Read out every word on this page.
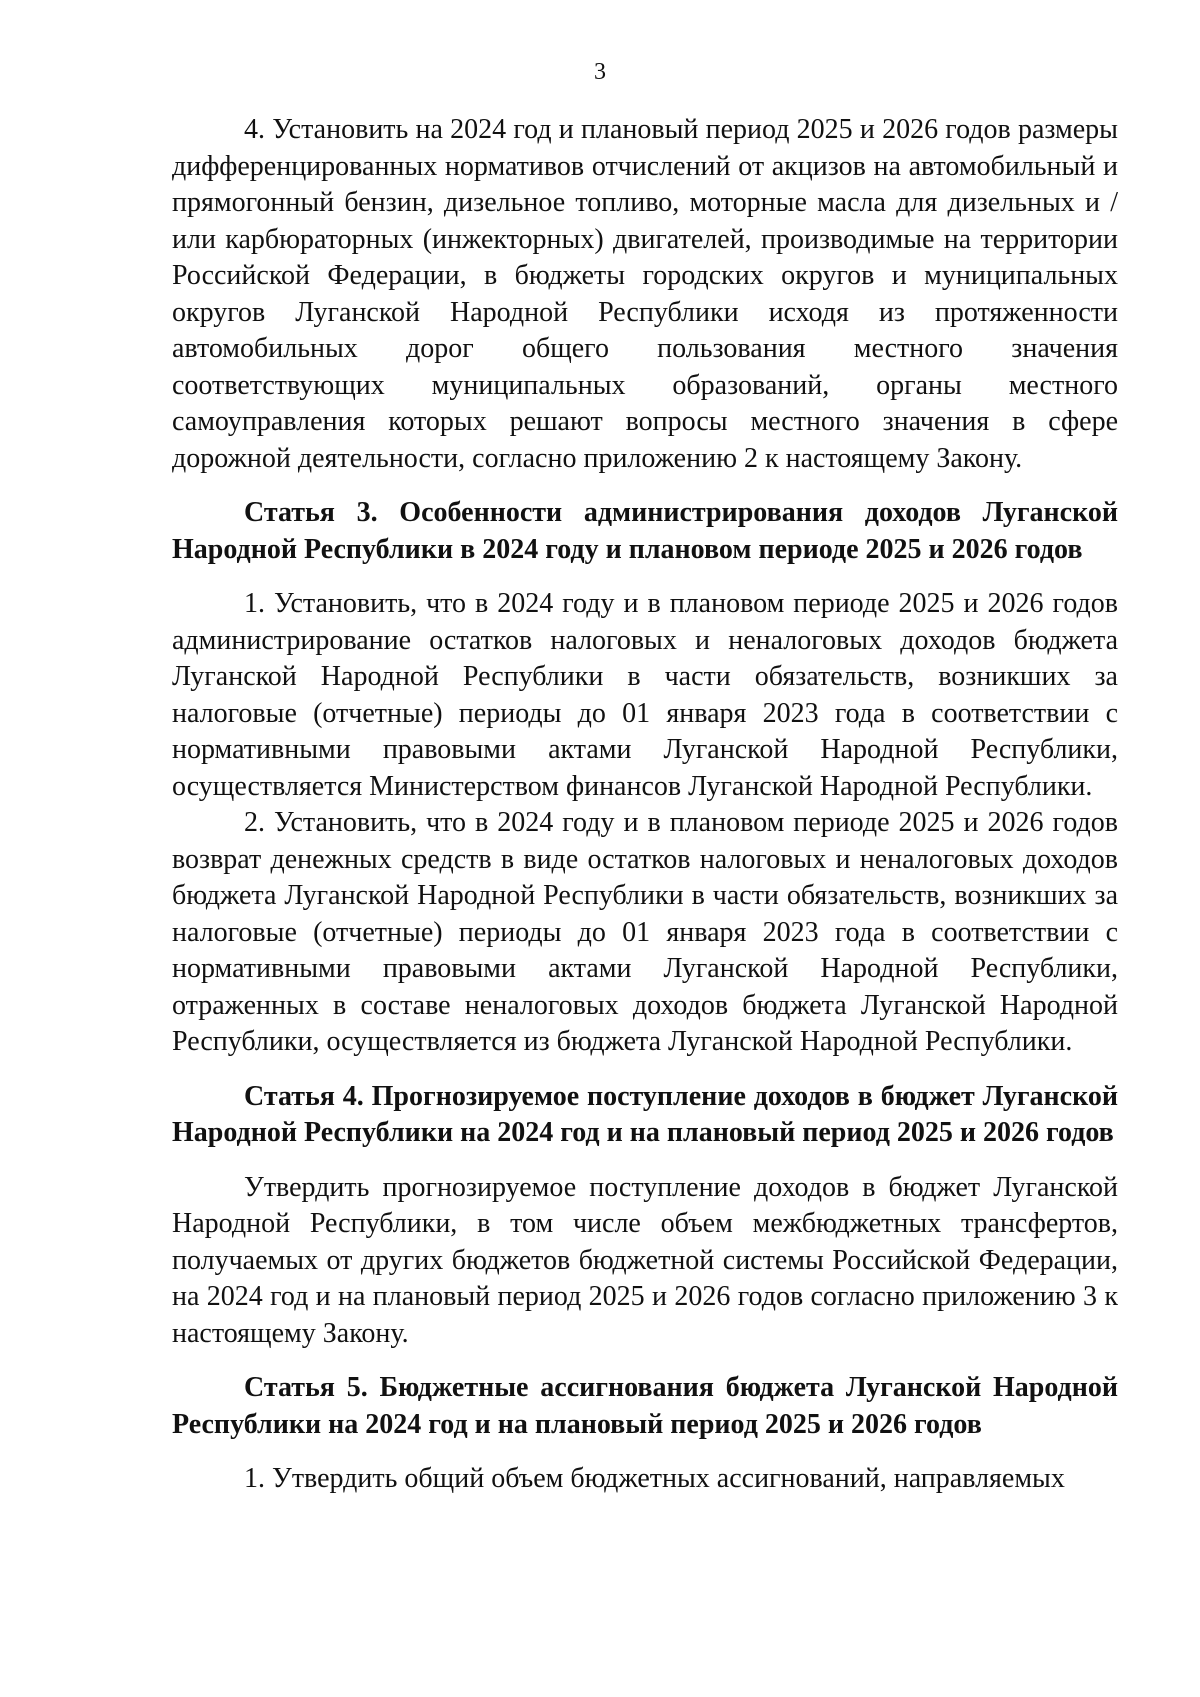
3

4. Установить на 2024 год и плановый период 2025 и 2026 годов размеры дифференцированных нормативов отчислений от акцизов на автомобильный и прямогонный бензин, дизельное топливо, моторные масла для дизельных и / или карбюраторных (инжекторных) двигателей, производимые на территории Российской Федерации, в бюджеты городских округов и муниципальных округов Луганской Народной Республики исходя из протяженности автомобильных дорог общего пользования местного значения соответствующих муниципальных образований, органы местного самоуправления которых решают вопросы местного значения в сфере дорожной деятельности, согласно приложению 2 к настоящему Закону.

Статья 3. Особенности администрирования доходов Луганской Народной Республики в 2024 году и плановом периоде 2025 и 2026 годов

1. Установить, что в 2024 году и в плановом периоде 2025 и 2026 годов администрирование остатков налоговых и неналоговых доходов бюджета Луганской Народной Республики в части обязательств, возникших за налоговые (отчетные) периоды до 01 января 2023 года в соответствии с нормативными правовыми актами Луганской Народной Республики, осуществляется Министерством финансов Луганской Народной Республики.

2. Установить, что в 2024 году и в плановом периоде 2025 и 2026 годов возврат денежных средств в виде остатков налоговых и неналоговых доходов бюджета Луганской Народной Республики в части обязательств, возникших за налоговые (отчетные) периоды до 01 января 2023 года в соответствии с нормативными правовыми актами Луганской Народной Республики, отраженных в составе неналоговых доходов бюджета Луганской Народной Республики, осуществляется из бюджета Луганской Народной Республики.

Статья 4. Прогнозируемое поступление доходов в бюджет Луганской Народной Республики на 2024 год и на плановый период 2025 и 2026 годов

Утвердить прогнозируемое поступление доходов в бюджет Луганской Народной Республики, в том числе объем межбюджетных трансфертов, получаемых от других бюджетов бюджетной системы Российской Федерации, на 2024 год и на плановый период 2025 и 2026 годов согласно приложению 3 к настоящему Закону.

Статья 5. Бюджетные ассигнования бюджета Луганской Народной Республики на 2024 год и на плановый период 2025 и 2026 годов

1. Утвердить общий объем бюджетных ассигнований, направляемых
